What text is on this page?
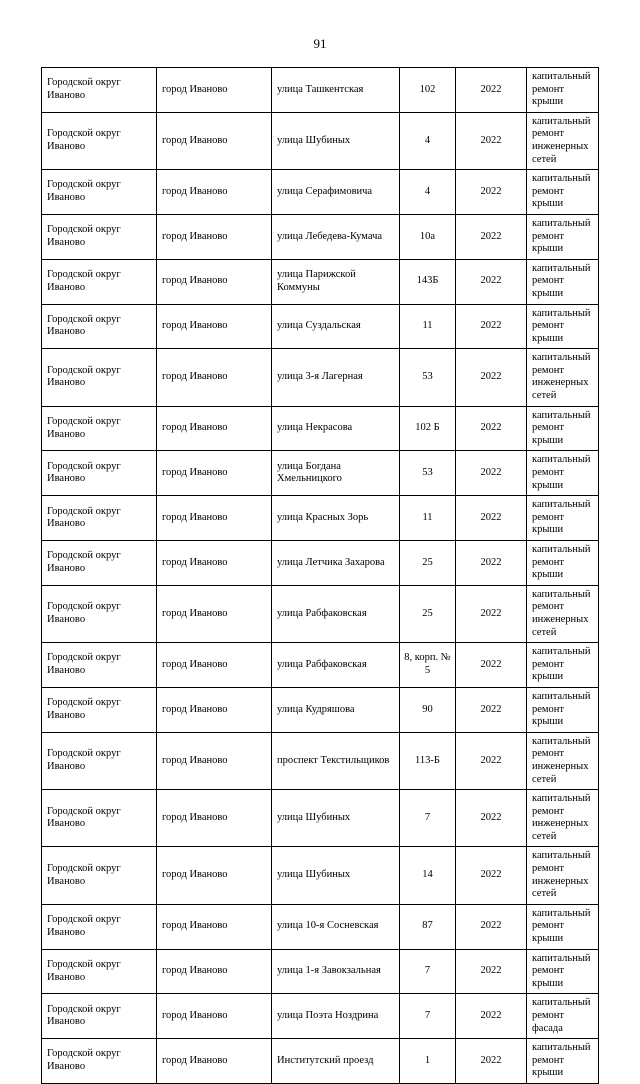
91
Городской округ Иваново	город Иваново	улица Ташкентская	102	2022	капитальный ремонт крыши
Городской округ Иваново	город Иваново	улица Шубиных	4	2022	капитальный ремонт инженерных сетей
Городской округ Иваново	город Иваново	улица Серафимовича	4	2022	капитальный ремонт крыши
Городской округ Иваново	город Иваново	улица Лебедева-Кумача	10а	2022	капитальный ремонт крыши
Городской округ Иваново	город Иваново	улица Парижской Коммуны	143Б	2022	капитальный ремонт крыши
Городской округ Иваново	город Иваново	улица Суздальская	11	2022	капитальный ремонт крыши
Городской округ Иваново	город Иваново	улица 3-я Лагерная	53	2022	капитальный ремонт инженерных сетей
Городской округ Иваново	город Иваново	улица Некрасова	102 Б	2022	капитальный ремонт крыши
Городской округ Иваново	город Иваново	улица Богдана Хмельницкого	53	2022	капитальный ремонт крыши
Городской округ Иваново	город Иваново	улица Красных Зорь	11	2022	капитальный ремонт крыши
Городской округ Иваново	город Иваново	улица Летчика Захарова	25	2022	капитальный ремонт крыши
Городской округ Иваново	город Иваново	улица Рабфаковская	25	2022	капитальный ремонт инженерных сетей
Городской округ Иваново	город Иваново	улица Рабфаковская	8, корп. № 5	2022	капитальный ремонт крыши
Городской округ Иваново	город Иваново	улица Кудряшова	90	2022	капитальный ремонт крыши
Городской округ Иваново	город Иваново	проспект Текстильщиков	113-Б	2022	капитальный ремонт инженерных сетей
Городской округ Иваново	город Иваново	улица Шубиных	7	2022	капитальный ремонт инженерных сетей
Городской округ Иваново	город Иваново	улица Шубиных	14	2022	капитальный ремонт инженерных сетей
Городской округ Иваново	город Иваново	улица 10-я Сосневская	87	2022	капитальный ремонт крыши
Городской округ Иваново	город Иваново	улица 1-я Завокзальная	7	2022	капитальный ремонт крыши
Городской округ Иваново	город Иваново	улица Поэта Ноздрина	7	2022	капитальный ремонт фасада
Городской округ Иваново	город Иваново	Институтский проезд	1	2022	капитальный ремонт крыши
